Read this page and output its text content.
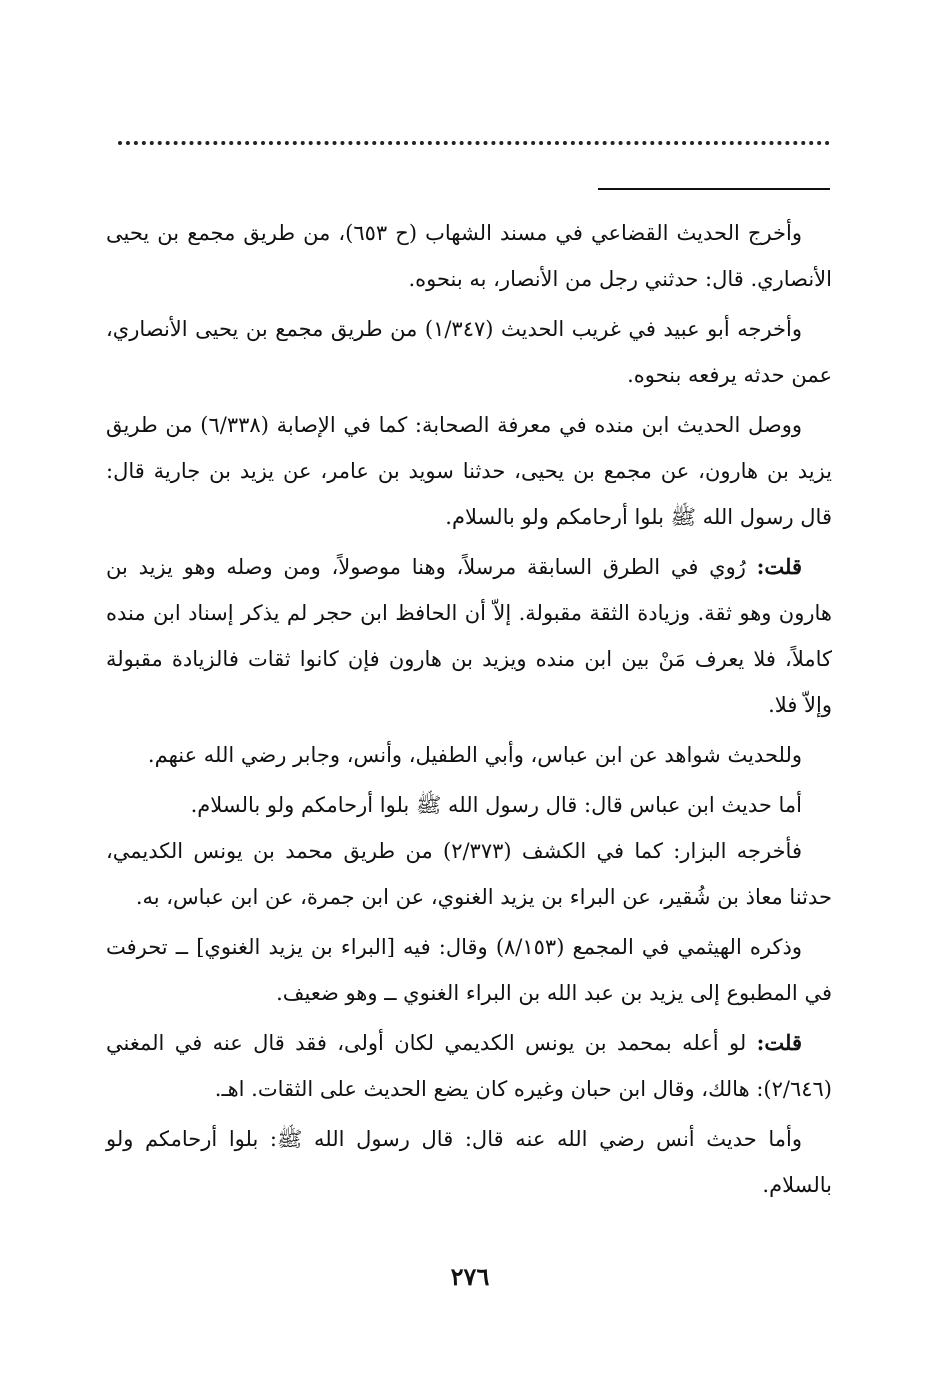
وأخرج الحديث القضاعي في مسند الشهاب (ح ٦٥٣)، من طريق مجمع بن يحيى الأنصاري. قال: حدثني رجل من الأنصار، به بنحوه.

وأخرجه أبو عبيد في غريب الحديث (١/٣٤٧) من طريق مجمع بن يحيى الأنصاري، عمن حدثه يرفعه بنحوه.

ووصل الحديث ابن منده في معرفة الصحابة: كما في الإصابة (٦/٣٣٨) من طريق يزيد بن هارون، عن مجمع بن يحيى، حدثنا سويد بن عامر، عن يزيد بن جارية قال: قال رسول الله ﷺ بلوا أرحامكم ولو بالسلام.

قلت: رُوي في الطرق السابقة مرسلاً، وهنا موصولاً، ومن وصله وهو يزيد بن هارون وهو ثقة. وزيادة الثقة مقبولة. إلاّ أن الحافظ ابن حجر لم يذكر إسناد ابن منده كاملاً، فلا يعرف مَنْ بين ابن منده ويزيد بن هارون فإن كانوا ثقات فالزيادة مقبولة وإلاّ فلا.

وللحديث شواهد عن ابن عباس، وأبي الطفيل، وأنس، وجابر رضي الله عنهم.

أما حديث ابن عباس قال: قال رسول الله ﷺ بلوا أرحامكم ولو بالسلام.

فأخرجه البزار: كما في الكشف (٢/٣٧٣) من طريق محمد بن يونس الكديمي، حدثنا معاذ بن شُقير، عن البراء بن يزيد الغنوي، عن ابن جمرة، عن ابن عباس، به.

وذكره الهيثمي في المجمع (٨/١٥٣) وقال: فيه [البراء بن يزيد الغنوي] ــ تحرفت في المطبوع إلى يزيد بن عبد الله بن البراء الغنوي ــ وهو ضعيف.

قلت: لو أعله بمحمد بن يونس الكديمي لكان أولى، فقد قال عنه في المغني (٢/٦٤٦): هالك، وقال ابن حبان وغيره كان يضع الحديث على الثقات. اهـ.

وأما حديث أنس رضي الله عنه قال: قال رسول الله ﷺ: بلوا أرحامكم ولو بالسلام.

٢٧٦
